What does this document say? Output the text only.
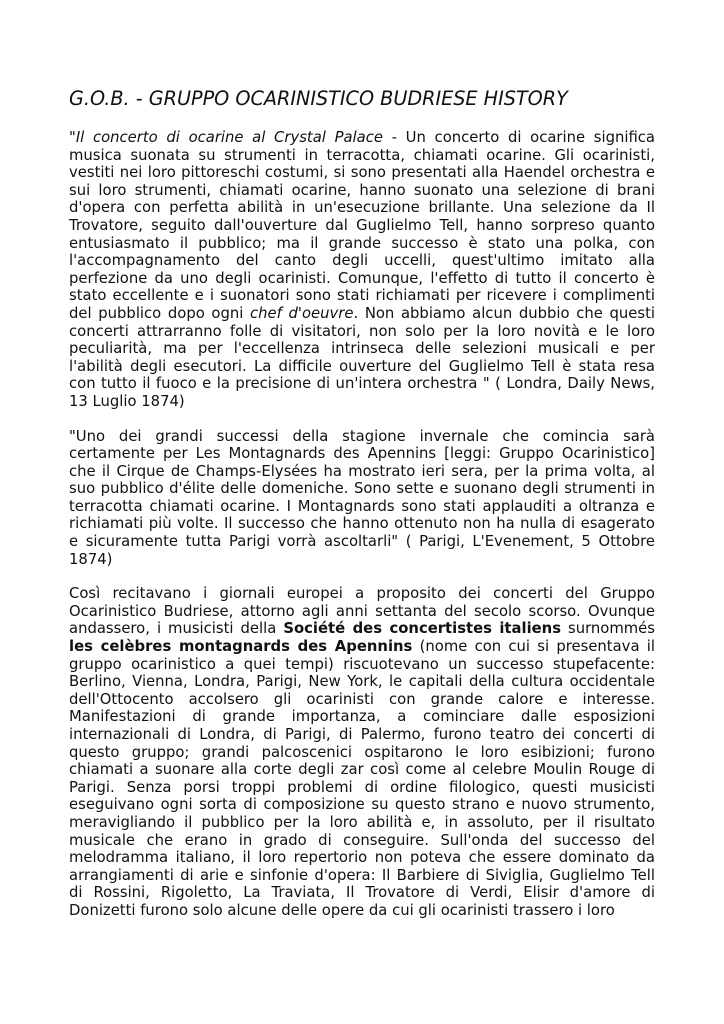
G.O.B. - GRUPPO OCARINISTICO BUDRIESE HISTORY

"Il concerto di ocarine al Crystal Palace - Un concerto di ocarine significa musica suonata su strumenti in terracotta, chiamati ocarine. Gli ocarinisti, vestiti nei loro pittoreschi costumi, si sono presentati alla Haendel orchestra e sui loro strumenti, chiamati ocarine, hanno suonato una selezione di brani d'opera con perfetta abilità in un'esecuzione brillante. Una selezione da Il Trovatore, seguito dall'ouverture dal Guglielmo Tell, hanno sorpreso quanto entusiasmato il pubblico; ma il grande successo è stato una polka, con l'accompagnamento del canto degli uccelli, quest'ultimo imitato alla perfezione da uno degli ocarinisti. Comunque, l'effetto di tutto il concerto è stato eccellente e i suonatori sono stati richiamati per ricevere i complimenti del pubblico dopo ogni chef d'oeuvre. Non abbiamo alcun dubbio che questi concerti attrarranno folle di visitatori, non solo per la loro novità e le loro peculiarità, ma per l'eccellenza intrinseca delle selezioni musicali e per l'abilità degli esecutori. La difficile ouverture del Guglielmo Tell è stata resa con tutto il fuoco e la precisione di un'intera orchestra " ( Londra, Daily News, 13 Luglio 1874)

"Uno dei grandi successi della stagione invernale che comincia sarà certamente per Les Montagnards des Apennins [leggi: Gruppo Ocarinistico] che il Cirque de Champs-Elysées ha mostrato ieri sera, per la prima volta, al suo pubblico d'élite delle domeniche. Sono sette e suonano degli strumenti in terracotta chiamati ocarine. I Montagnards sono stati applauditi a oltranza e richiamati più volte. Il successo che hanno ottenuto non ha nulla di esagerato e sicuramente tutta Parigi vorrà ascoltarli" ( Parigi, L'Evenement, 5 Ottobre 1874)

Così recitavano i giornali europei a proposito dei concerti del Gruppo Ocarinistico Budriese, attorno agli anni settanta del secolo scorso. Ovunque andassero, i musicisti della Société des concertistes italiens surnommés les celèbres montagnards des Apennins (nome con cui si presentava il gruppo ocarinistico a quei tempi) riscuotevano un successo stupefacente: Berlino, Vienna, Londra, Parigi, New York, le capitali della cultura occidentale dell'Ottocento accolsero gli ocarinisti con grande calore e interesse. Manifestazioni di grande importanza, a cominciare dalle esposizioni internazionali di Londra, di Parigi, di Palermo, furono teatro dei concerti di questo gruppo; grandi palcoscenici ospitarono le loro esibizioni; furono chiamati a suonare alla corte degli zar così come al celebre Moulin Rouge di Parigi. Senza porsi troppi problemi di ordine filologico, questi musicisti eseguivano ogni sorta di composizione su questo strano e nuovo strumento, meravigliando il pubblico per la loro abilità e, in assoluto, per il risultato musicale che erano in grado di conseguire. Sull'onda del successo del melodramma italiano, il loro repertorio non poteva che essere dominato da arrangiamenti di arie e sinfonie d'opera: Il Barbiere di Siviglia, Guglielmo Tell di Rossini, Rigoletto, La Traviata, Il Trovatore di Verdi, Elisir d'amore di Donizetti furono solo alcune delle opere da cui gli ocarinisti trassero i loro
